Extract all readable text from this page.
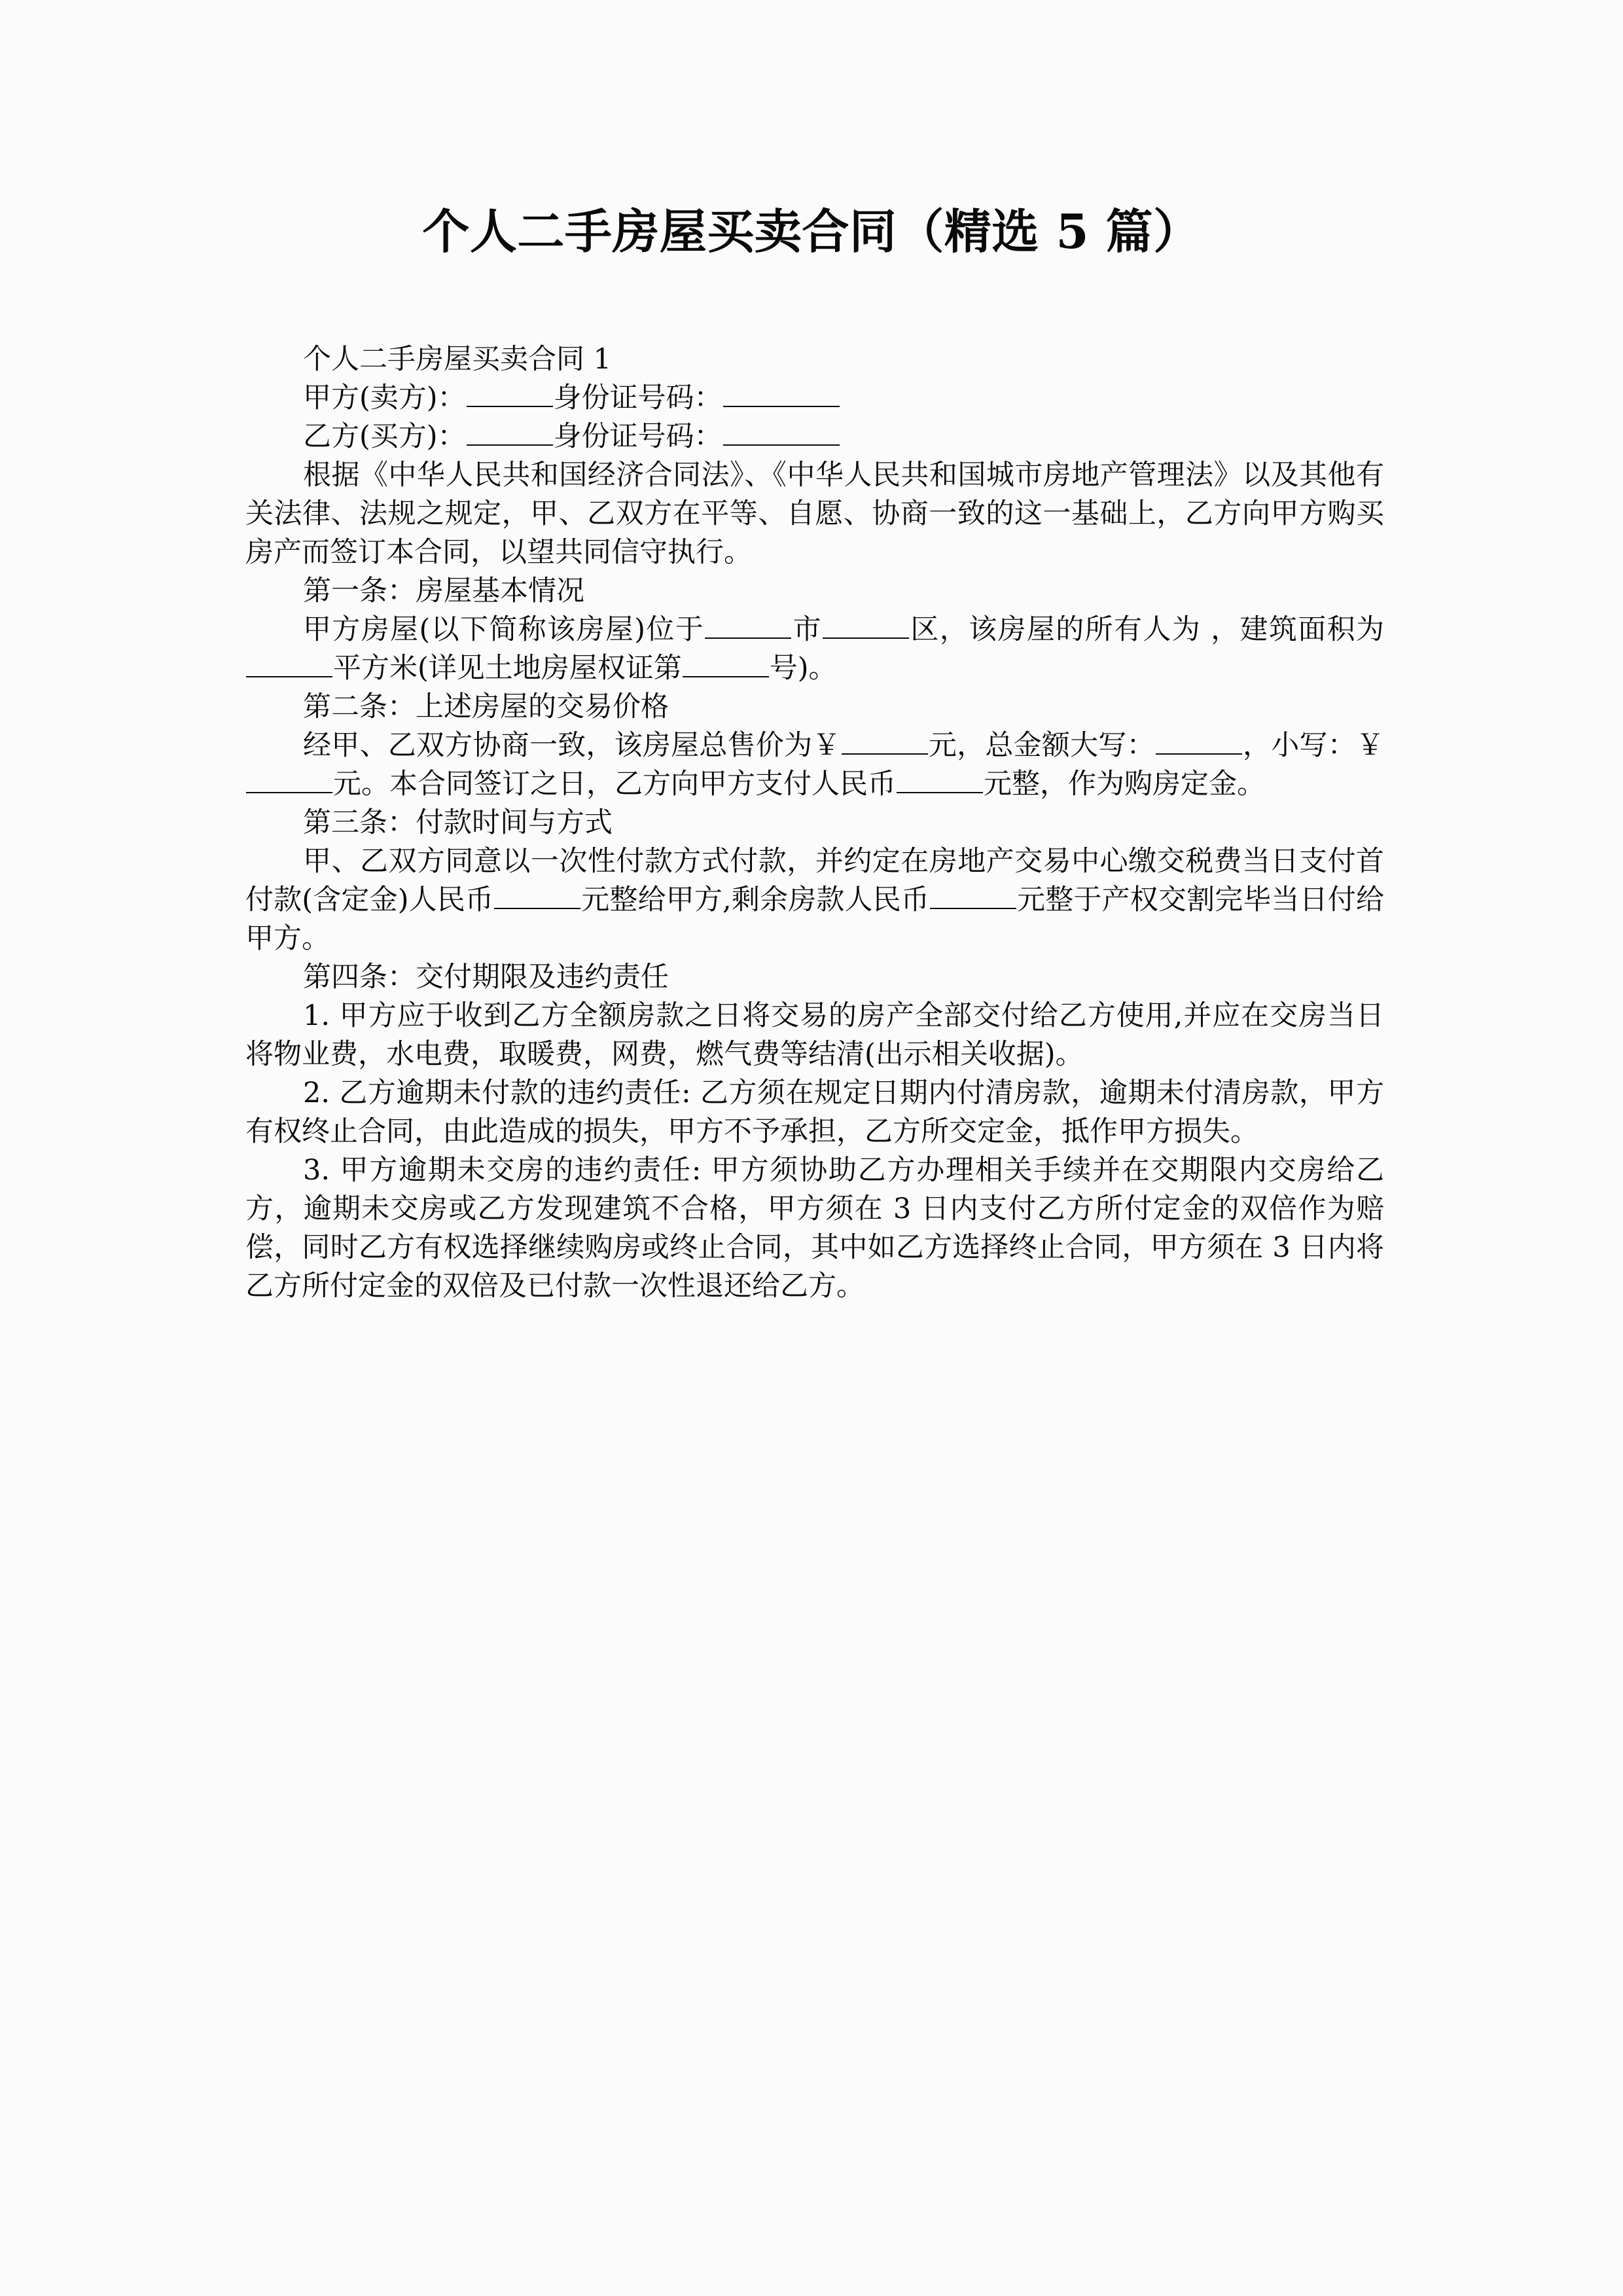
个人二手房屋买卖合同（精选 5 篇）

个人二手房屋买卖合同 1

甲方(卖方)：	身份证号码：

乙方(买方)：	身份证号码：

根据《中华人民共和国经济合同法》、《中华人民共和国城市房地产管理法》以及其他有关法律、法规之规定，甲、乙双方在平等、自愿、协商一致的这一基础上，乙方向甲方购买房产而签订本合同，以望共同信守执行。

第一条：房屋基本情况

甲方房屋(以下简称该房屋)位于	市	区，该房屋的所有人为 ，建筑面积为平方米(详见土地房屋权证第	号)。

第二条：上述房屋的交易价格

经甲、乙双方协商一致，该房屋总售价为￥	元，总金额大写：	，小写：￥元。本合同签订之日，乙方向甲方支付人民币	元整，作为购房定金。

第三条：付款时间与方式

甲、乙双方同意以一次性付款方式付款，并约定在房地产交易中心缴交税费当日支付首付款(含定金)人民币	元整给甲方,剩余房款人民币	元整于产权交割完毕当日付给甲方。

第四条：交付期限及违约责任

1. 甲方应于收到乙方全额房款之日将交易的房产全部交付给乙方使用,并应在交房当日将物业费，水电费，取暖费，网费，燃气费等结清(出示相关收据)。

2. 乙方逾期未付款的违约责任: 乙方须在规定日期内付清房款，逾期未付清房款，甲方有权终止合同，由此造成的损失，甲方不予承担，乙方所交定金，抵作甲方损失。

3. 甲方逾期未交房的违约责任: 甲方须协助乙方办理相关手续并在交期限内交房给乙方，逾期未交房或乙方发现建筑不合格，甲方须在 3 日内支付乙方所付定金的双倍作为赔偿，同时乙方有权选择继续购房或终止合同，其中如乙方选择终止合同，甲方须在 3 日内将乙方所付定金的双倍及已付款一次性退还给乙方。
